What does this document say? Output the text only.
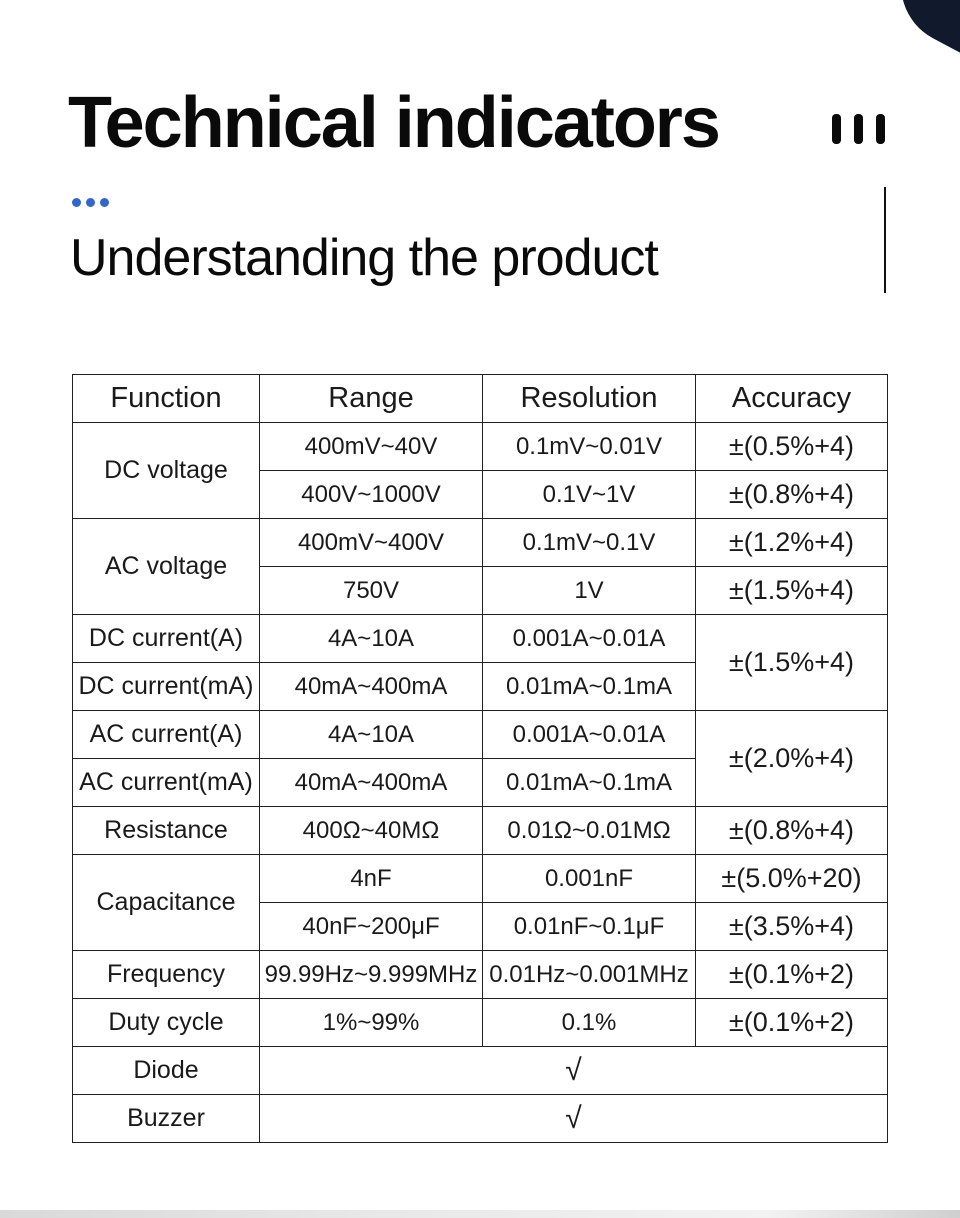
Technical indicators
Understanding the product
Function	Range	Resolution	Accuracy
DC voltage	400mV~40V	0.1mV~0.01V	±(0.5%+4)
	400V~1000V	0.1V~1V	±(0.8%+4)
AC voltage	400mV~400V	0.1mV~0.1V	±(1.2%+4)
	750V	1V	±(1.5%+4)
DC current(A)	4A~10A	0.001A~0.01A	±(1.5%+4)
DC current(mA)	40mA~400mA	0.01mA~0.1mA	
AC current(A)	4A~10A	0.001A~0.01A	±(2.0%+4)
AC current(mA)	40mA~400mA	0.01mA~0.1mA	
Resistance	400Ω~40MΩ	0.01Ω~0.01MΩ	±(0.8%+4)
Capacitance	4nF	0.001nF	±(5.0%+20)
	40nF~200μF	0.01nF~0.1μF	±(3.5%+4)
Frequency	99.99Hz~9.999MHz	0.01Hz~0.001MHz	±(0.1%+2)
Duty cycle	1%~99%	0.1%	±(0.1%+2)
Diode	√		
Buzzer	√		
